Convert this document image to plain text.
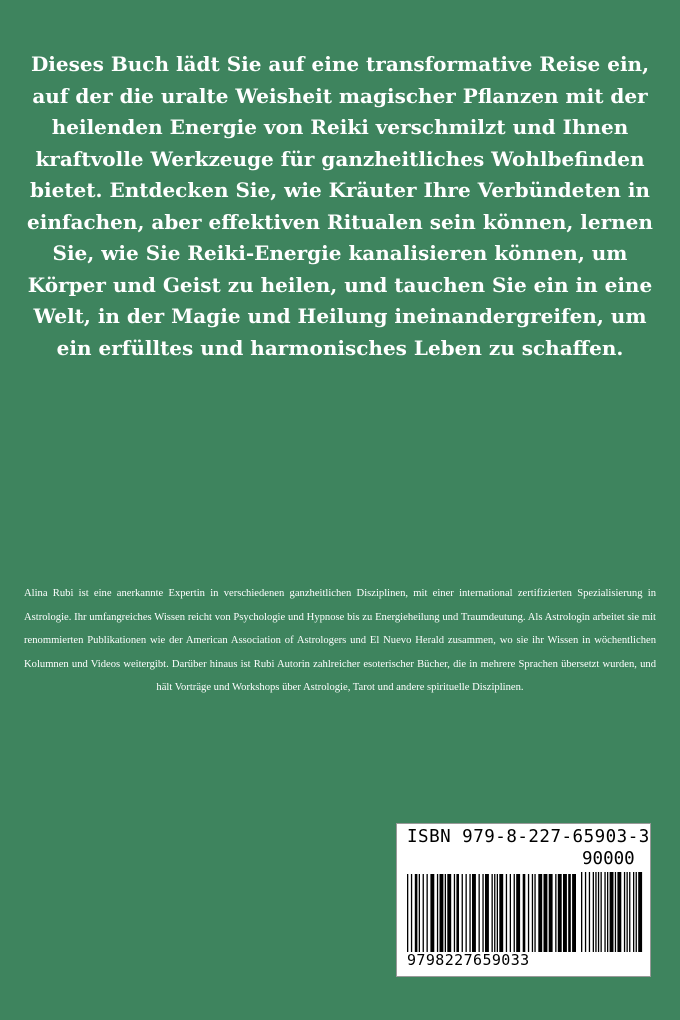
Dieses Buch lädt Sie auf eine transformative Reise ein, auf der die uralte Weisheit magischer Pflanzen mit der heilenden Energie von Reiki verschmilzt und Ihnen kraftvolle Werkzeuge für ganzheitliches Wohlbefinden bietet. Entdecken Sie, wie Kräuter Ihre Verbündeten in einfachen, aber effektiven Ritualen sein können, lernen Sie, wie Sie Reiki-Energie kanalisieren können, um Körper und Geist zu heilen, und tauchen Sie ein in eine Welt, in der Magie und Heilung ineinandergreifen, um ein erfülltes und harmonisches Leben zu schaffen.

Alina Rubi ist eine anerkannte Expertin in verschiedenen ganzheitlichen Disziplinen, mit einer international zertifizierten Spezialisierung in Astrologie. Ihr umfangreiches Wissen reicht von Psychologie und Hypnose bis zu Energieheilung und Traumdeutung. Als Astrologin arbeitet sie mit renommierten Publikationen wie der American Association of Astrologers und El Nuevo Herald zusammen, wo sie ihr Wissen in wöchentlichen Kolumnen und Videos weitergibt. Darüber hinaus ist Rubi Autorin zahlreicher esoterischer Bücher, die in mehrere Sprachen übersetzt wurden, und hält Vorträge und Workshops über Astrologie, Tarot und andere spirituelle Disziplinen.

ISBN 979-8-227-65903-3
90000
9798227659033
